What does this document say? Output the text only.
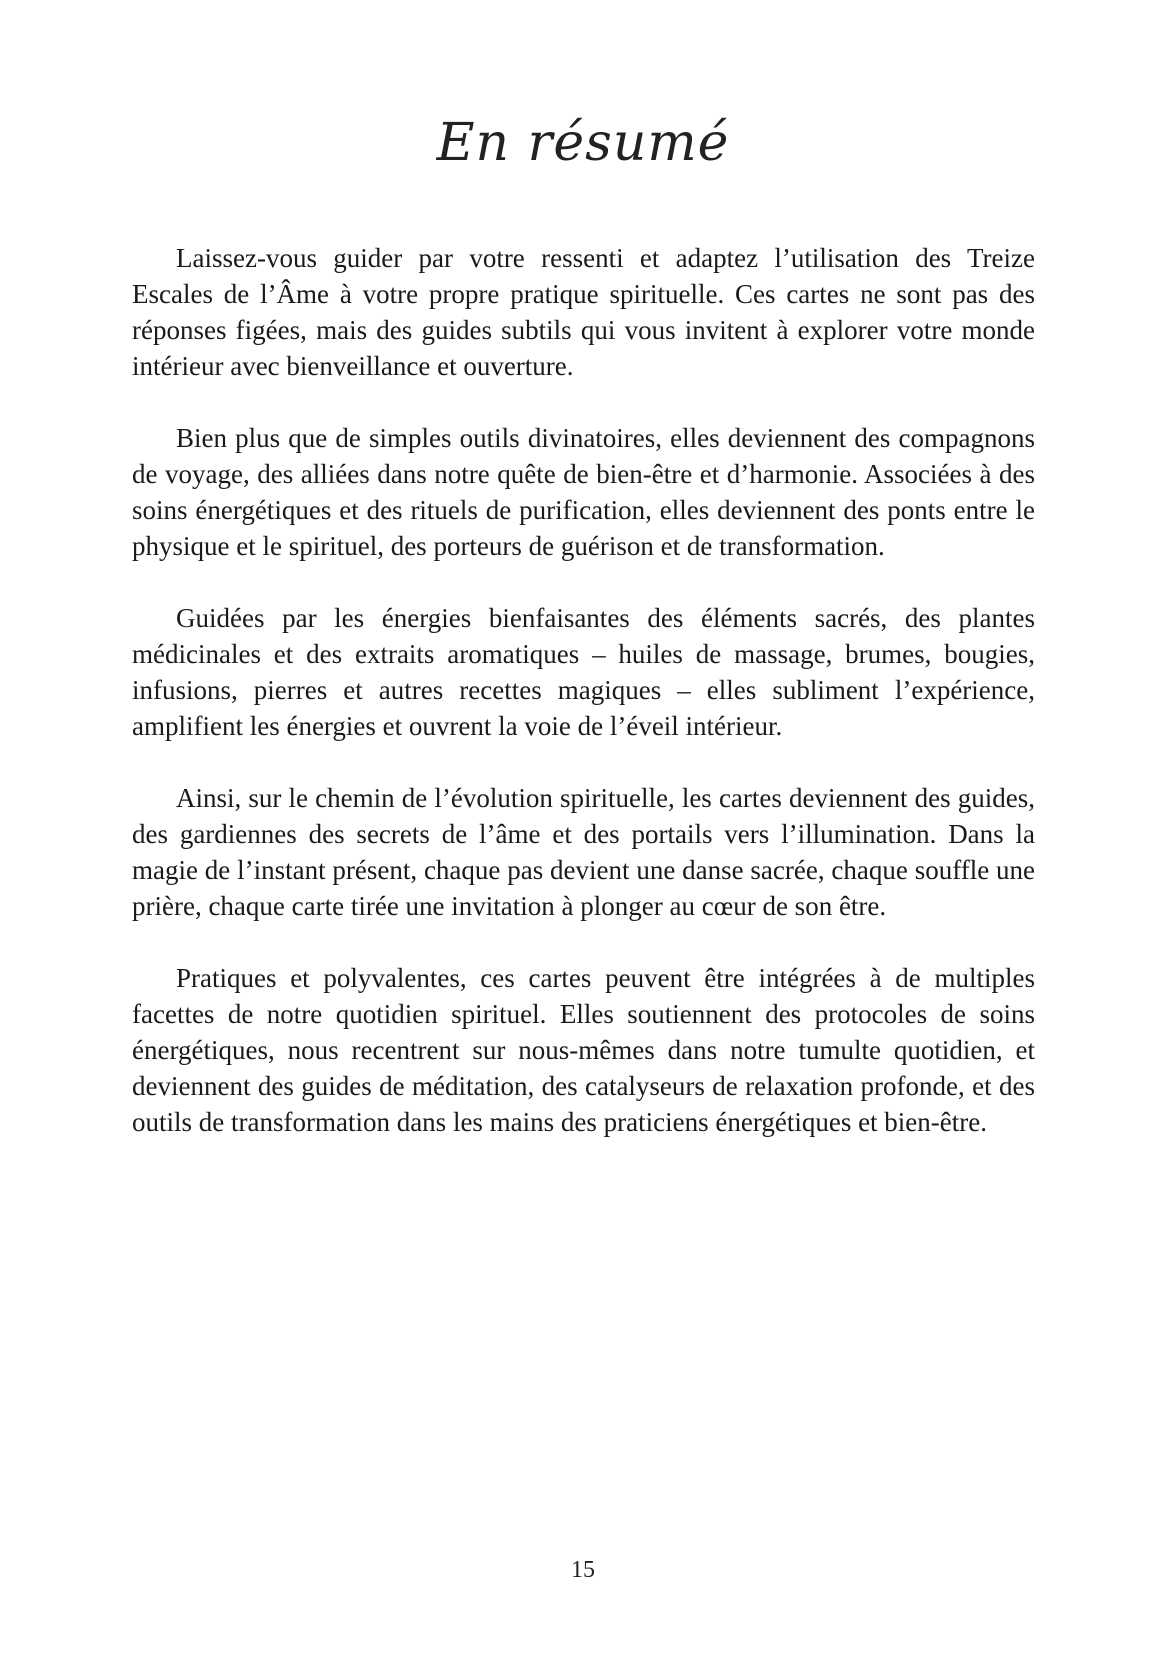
En résumé

Laissez-vous guider par votre ressenti et adaptez l’utilisation des Treize Escales de l’Âme à votre propre pratique spirituelle. Ces cartes ne sont pas des réponses figées, mais des guides subtils qui vous invitent à explorer votre monde intérieur avec bienveillance et ouverture.

Bien plus que de simples outils divinatoires, elles deviennent des compagnons de voyage, des alliées dans notre quête de bien-être et d’harmonie. Associées à des soins énergétiques et des rituels de purification, elles deviennent des ponts entre le physique et le spirituel, des porteurs de guérison et de transformation.

Guidées par les énergies bienfaisantes des éléments sacrés, des plantes médicinales et des extraits aromatiques – huiles de massage, brumes, bougies, infusions, pierres et autres recettes magiques – elles subliment l’expérience, amplifient les énergies et ouvrent la voie de l’éveil intérieur.

Ainsi, sur le chemin de l’évolution spirituelle, les cartes deviennent des guides, des gardiennes des secrets de l’âme et des portails vers l’illumination. Dans la magie de l’instant présent, chaque pas devient une danse sacrée, chaque souffle une prière, chaque carte tirée une invitation à plonger au cœur de son être.

Pratiques et polyvalentes, ces cartes peuvent être intégrées à de multiples facettes de notre quotidien spirituel. Elles soutiennent des protocoles de soins énergétiques, nous recentrent sur nous-mêmes dans notre tumulte quotidien, et deviennent des guides de méditation, des catalyseurs de relaxation profonde, et des outils de transformation dans les mains des praticiens énergétiques et bien-être.

15
